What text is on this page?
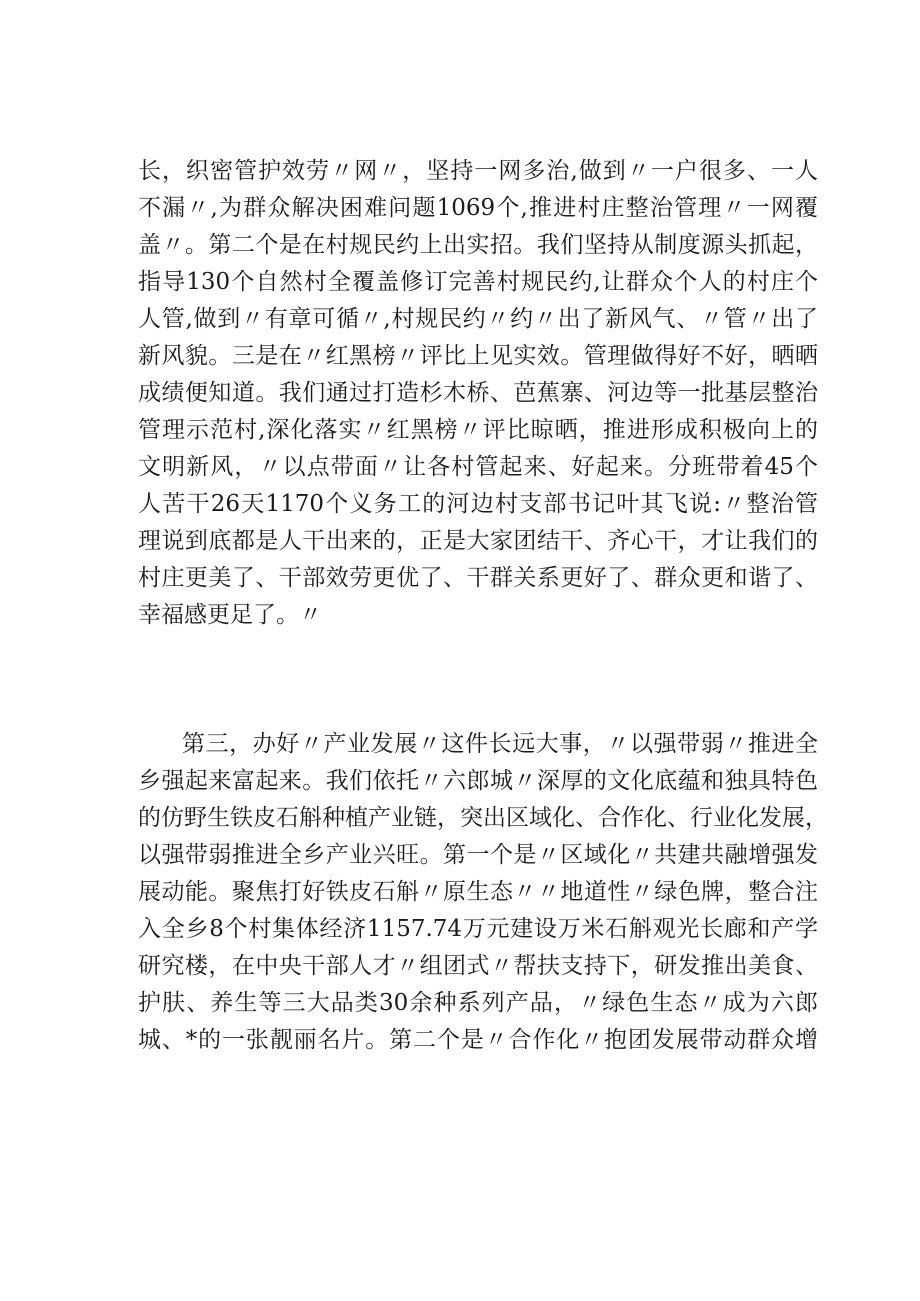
长，织密管护效劳〃网〃，坚持一网多治,做到〃一户很多、一人
不漏〃,为群众解决困难问题1069个,推进村庄整治管理〃一网覆
盖〃。第二个是在村规民约上出实招。我们坚持从制度源头抓起，
指导130个自然村全覆盖修订完善村规民约,让群众个人的村庄个
人管,做到〃有章可循〃,村规民约〃约〃出了新风气、〃管〃出了
新风貌。三是在〃红黑榜〃评比上见实效。管理做得好不好，晒晒
成绩便知道。我们通过打造杉木桥、芭蕉寨、河边等一批基层整治
管理示范村,深化落实〃红黑榜〃评比晾晒，推进形成积极向上的
文明新风，〃以点带面〃让各村管起来、好起来。分班带着45个
人苦干26天1170个义务工的河边村支部书记叶其飞说:〃整治管
理说到底都是人干出来的，正是大家团结干、齐心干，才让我们的
村庄更美了、干部效劳更优了、干群关系更好了、群众更和谐了、
幸福感更足了。〃
第三，办好〃产业发展〃这件长远大事，〃以强带弱〃推进全
乡强起来富起来。我们依托〃六郎城〃深厚的文化底蕴和独具特色
的仿野生铁皮石斛种植产业链，突出区域化、合作化、行业化发展，
以强带弱推进全乡产业兴旺。第一个是〃区域化〃共建共融增强发
展动能。聚焦打好铁皮石斛〃原生态〃〃地道性〃绿色牌，整合注
入全乡8个村集体经济1157.74万元建设万米石斛观光长廊和产学
研究楼，在中央干部人才〃组团式〃帮扶支持下，研发推出美食、
护肤、养生等三大品类30余种系列产品，〃绿色生态〃成为六郎
城、*的一张靓丽名片。第二个是〃合作化〃抱团发展带动群众增
